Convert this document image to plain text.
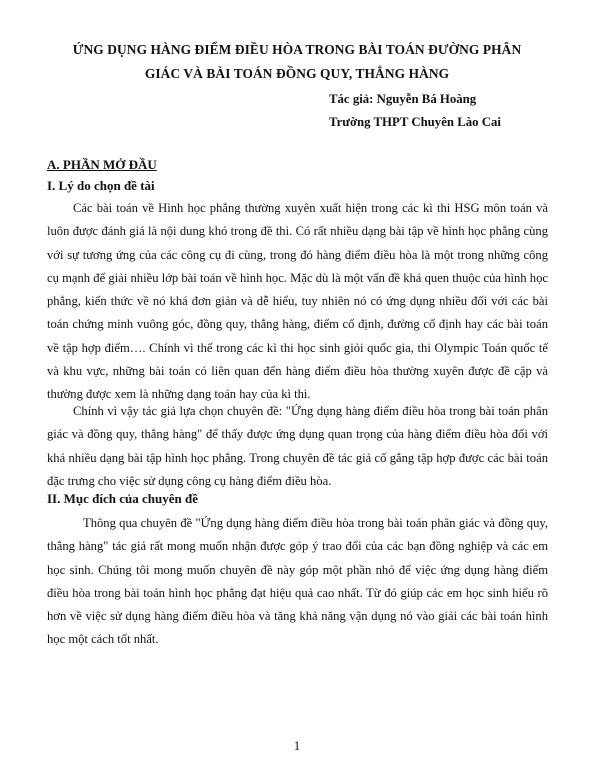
ỨNG DỤNG HÀNG ĐIỂM ĐIỀU HÒA TRONG BÀI TOÁN ĐƯỜNG PHÂN
GIÁC VÀ BÀI TOÁN ĐỒNG QUY, THẲNG HÀNG
Tác giả: Nguyễn Bá Hoàng
Trường THPT Chuyên Lào Cai
A. PHẦN MỞ ĐẦU
I. Lý do chọn đề tài

Các bài toán về Hình học phẳng thường xuyên xuất hiện trong các kì thi HSG môn toán và luôn được đánh giá là nội dung khó trong đề thi. Có rất nhiều dạng bài tập về hình học phẳng cùng với sự tương ứng của các công cụ đi cùng, trong đó hàng điểm điều hòa là một trong những công cụ mạnh để giải nhiều lớp bài toán về hình học. Mặc dù là một vấn đề khá quen thuộc của hình học phẳng, kiến thức về nó khá đơn giản và dễ hiểu, tuy nhiên nó có ứng dụng nhiều đối với các bài toán chứng minh vuông góc, đồng quy, thẳng hàng, điểm cố định, đường cố định hay các bài toán về tập hợp điểm…. Chính vì thế trong các kì thi học sinh giỏi quốc gia, thi Olympic Toán quốc tế và khu vực, những bài toán có liên quan đến hàng điểm điều hòa thường xuyên được đề cập và thường được xem là những dạng toán hay của kì thi.

Chính vì vậy tác giả lựa chọn chuyên đề: "Ứng dụng hàng điểm điều hòa trong bài toán phân giác và đồng quy, thẳng hàng" để thấy được ứng dụng quan trọng của hàng điểm điều hòa đối với khá nhiều dạng bài tập hình học phẳng. Trong chuyên đề tác giả cố gắng tập hợp được các bài toán đặc trưng cho việc sử dụng công cụ hàng điểm điều hòa.

II. Mục đích của chuyên đề

Thông qua chuyên đề "Ứng dụng hàng điểm điều hòa trong bài toán phân giác và đồng quy, thẳng hàng" tác giả rất mong muốn nhận được góp ý trao đổi của các bạn đồng nghiệp và các em học sinh. Chúng tôi mong muốn chuyên đề này góp một phần nhỏ để việc ứng dụng hàng điểm điều hòa trong bài toán hình học phẳng đạt hiệu quả cao nhất. Từ đó giúp các em học sinh hiểu rõ hơn về việc sử dụng hàng điểm điều hòa và tăng khả năng vận dụng nó vào giải các bài toán hình học một cách tốt nhất.

1
